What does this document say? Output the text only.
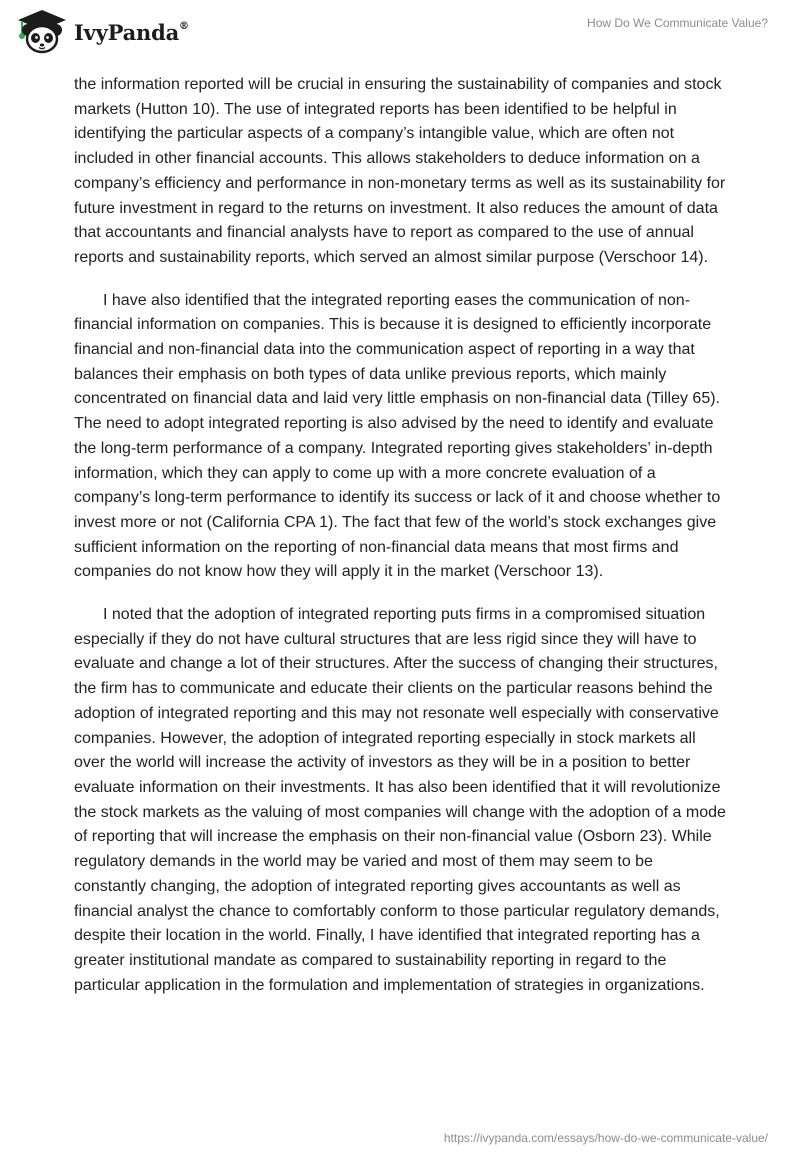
IvyPanda®	How Do We Communicate Value?

the information reported will be crucial in ensuring the sustainability of companies and stock markets (Hutton 10). The use of integrated reports has been identified to be helpful in identifying the particular aspects of a company’s intangible value, which are often not included in other financial accounts. This allows stakeholders to deduce information on a company’s efficiency and performance in non-monetary terms as well as its sustainability for future investment in regard to the returns on investment. It also reduces the amount of data that accountants and financial analysts have to report as compared to the use of annual reports and sustainability reports, which served an almost similar purpose (Verschoor 14).

I have also identified that the integrated reporting eases the communication of non-financial information on companies. This is because it is designed to efficiently incorporate financial and non-financial data into the communication aspect of reporting in a way that balances their emphasis on both types of data unlike previous reports, which mainly concentrated on financial data and laid very little emphasis on non-financial data (Tilley 65). The need to adopt integrated reporting is also advised by the need to identify and evaluate the long-term performance of a company. Integrated reporting gives stakeholders’ in-depth information, which they can apply to come up with a more concrete evaluation of a company’s long-term performance to identify its success or lack of it and choose whether to invest more or not (California CPA 1). The fact that few of the world’s stock exchanges give sufficient information on the reporting of non-financial data means that most firms and companies do not know how they will apply it in the market (Verschoor 13).

I noted that the adoption of integrated reporting puts firms in a compromised situation especially if they do not have cultural structures that are less rigid since they will have to evaluate and change a lot of their structures. After the success of changing their structures, the firm has to communicate and educate their clients on the particular reasons behind the adoption of integrated reporting and this may not resonate well especially with conservative companies. However, the adoption of integrated reporting especially in stock markets all over the world will increase the activity of investors as they will be in a position to better evaluate information on their investments. It has also been identified that it will revolutionize the stock markets as the valuing of most companies will change with the adoption of a mode of reporting that will increase the emphasis on their non-financial value (Osborn 23). While regulatory demands in the world may be varied and most of them may seem to be constantly changing, the adoption of integrated reporting gives accountants as well as financial analyst the chance to comfortably conform to those particular regulatory demands, despite their location in the world. Finally, I have identified that integrated reporting has a greater institutional mandate as compared to sustainability reporting in regard to the particular application in the formulation and implementation of strategies in organizations.

https://ivypanda.com/essays/how-do-we-communicate-value/
